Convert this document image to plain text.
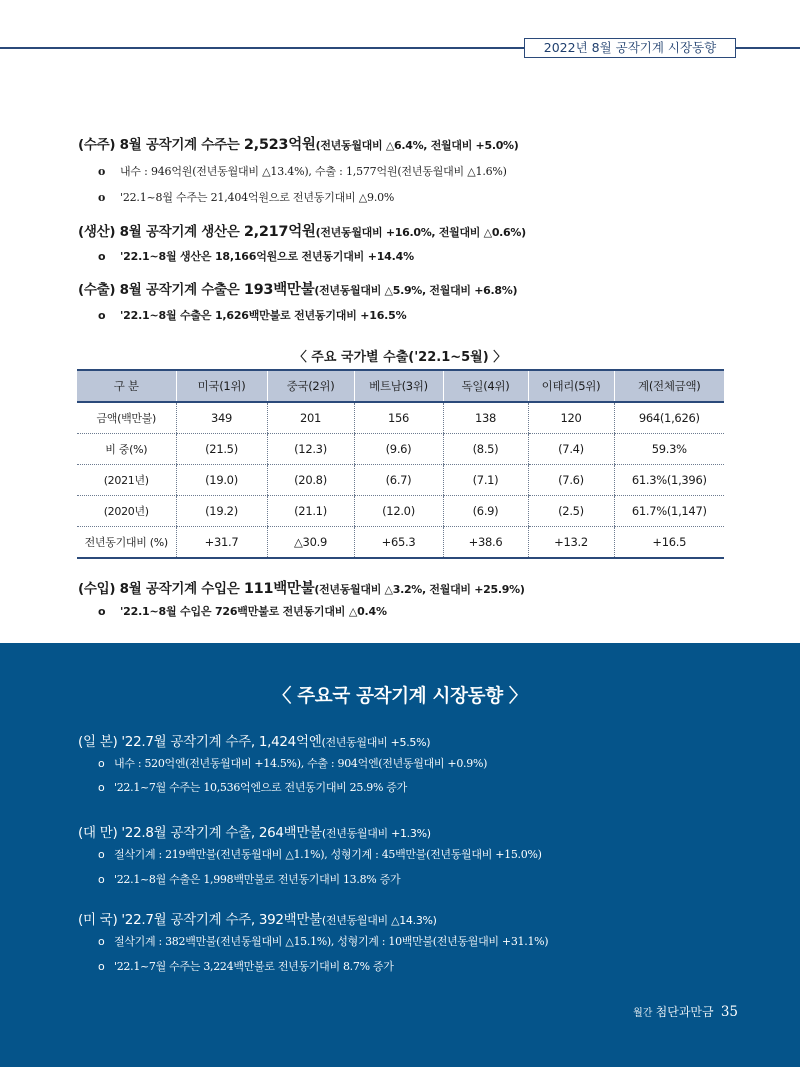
2022년 8월 공작기계 시장동향
(수주) 8월 공작기계 수주는 2,523억원(전년동월대비 △6.4%, 전월대비 +5.0%)
o 내수 : 946억원(전년동월대비 △13.4%), 수출 : 1,577억원(전년동월대비 △1.6%)
o '22.1~8월 수주는 21,404억원으로 전년동기대비 △9.0%
(생산) 8월 공작기계 생산은 2,217억원(전년동월대비 +16.0%, 전월대비 △0.6%)
o '22.1~8월 생산은 18,166억원으로 전년동기대비 +14.4%
(수출) 8월 공작기계 수출은 193백만불(전년동월대비 △5.9%, 전월대비 +6.8%)
o '22.1~8월 수출은 1,626백만불로 전년동기대비 +16.5%
〈 주요 국가별 수출('22.1~5월) 〉
구 분	미국(1위)	중국(2위)	베트남(3위)	독일(4위)	이태리(5위)	계(전체금액)
금액(백만불)	349	201	156	138	120	964(1,626)
비 중(%)	(21.5)	(12.3)	(9.6)	(8.5)	(7.4)	59.3%
(2021년)	(19.0)	(20.8)	(6.7)	(7.1)	(7.6)	61.3%(1,396)
(2020년)	(19.2)	(21.1)	(12.0)	(6.9)	(2.5)	61.7%(1,147)
전년동기대비 (%)	+31.7	△30.9	+65.3	+38.6	+13.2	+16.5
(수입) 8월 공작기계 수입은 111백만불(전년동월대비 △3.2%, 전월대비 +25.9%)
o '22.1~8월 수입은 726백만불로 전년동기대비 △0.4%
〈 주요국 공작기계 시장동향 〉
(일 본) '22.7월 공작기계 수주, 1,424억엔(전년동월대비 +5.5%)
o 내수 : 520억엔(전년동월대비 +14.5%), 수출 : 904억엔(전년동월대비 +0.9%)
o '22.1~7월 수주는 10,536억엔으로 전년동기대비 25.9% 증가
(대 만) '22.8월 공작기계 수출, 264백만불(전년동월대비 +1.3%)
o 절삭기계 : 219백만불(전년동월대비 △1.1%), 성형기계 : 45백만불(전년동월대비 +15.0%)
o '22.1~8월 수출은 1,998백만불로 전년동기대비 13.8% 증가
(미 국) '22.7월 공작기계 수주, 392백만불(전년동월대비 △14.3%)
o 절삭기계 : 382백만불(전년동월대비 △15.1%), 성형기계 : 10백만불(전년동월대비 +31.1%)
o '22.1~7월 수주는 3,224백만불로 전년동기대비 8.7% 증가
월간 첨단과만금 35
